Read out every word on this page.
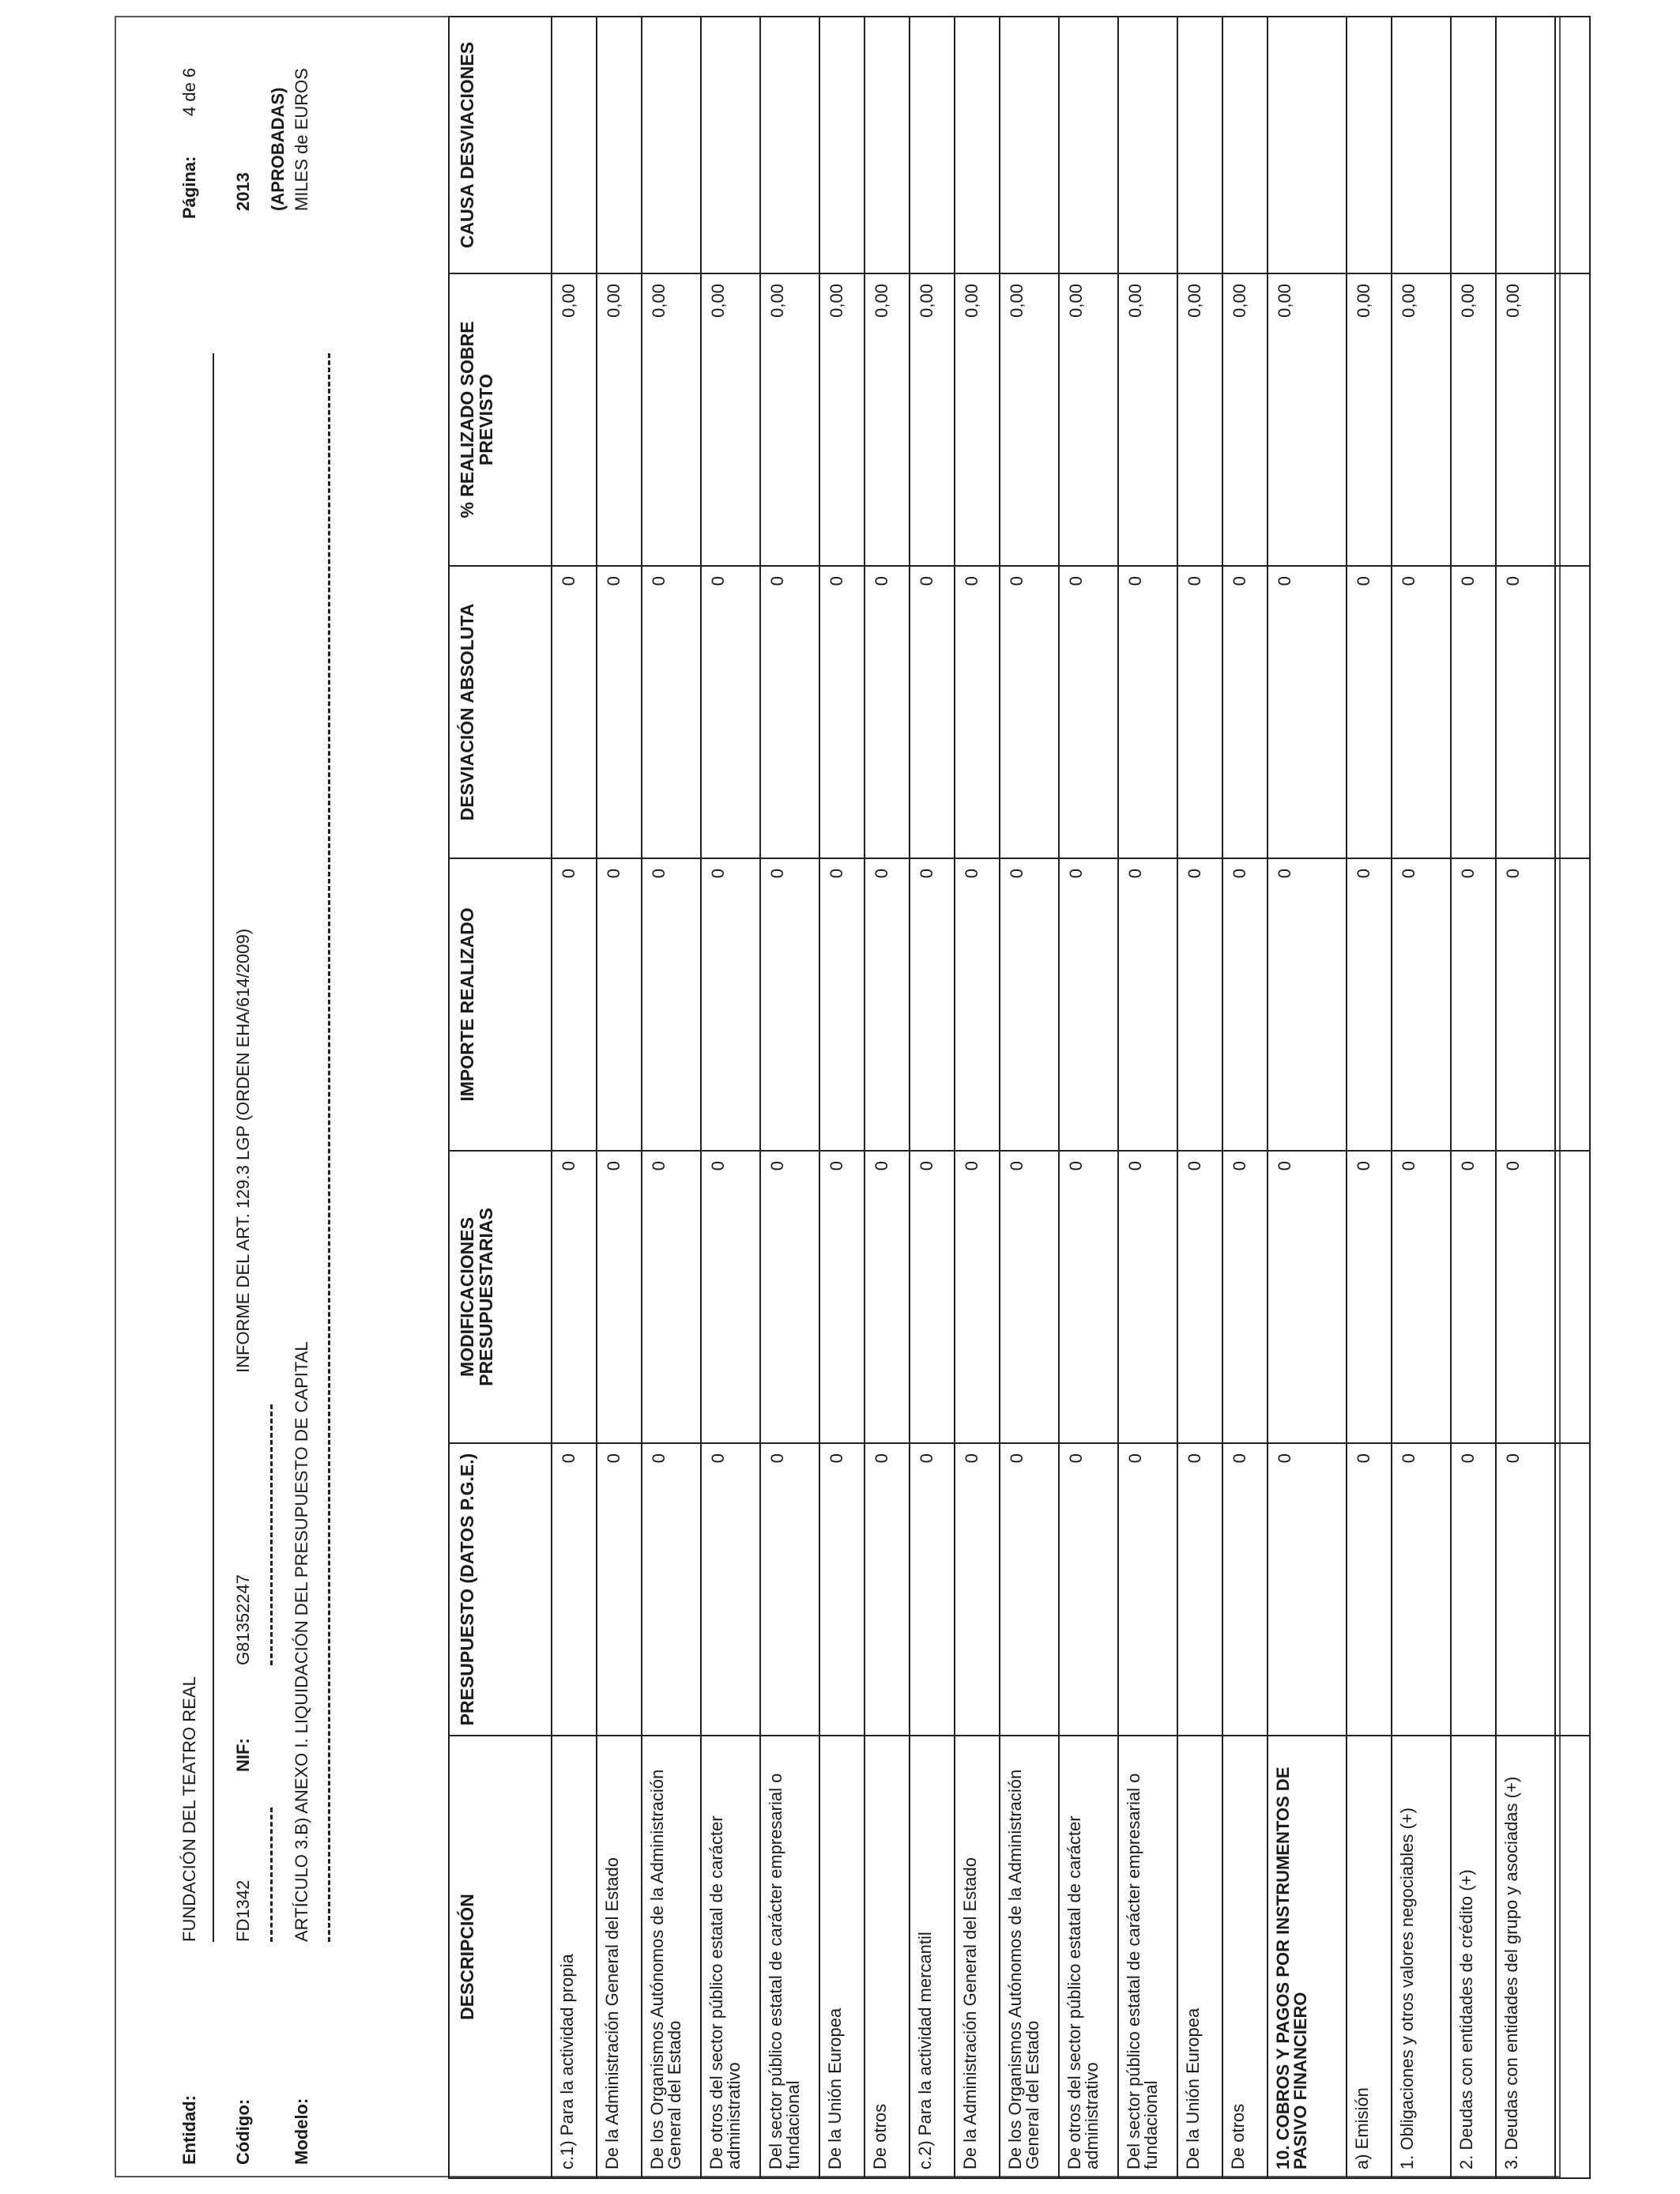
Entidad:
FUNDACIÓN DEL TEATRO REAL
Código:
FD1342
NIF:
G81352247
INFORME DEL ART. 129.3 LGP (ORDEN EHA/614/2009)
Modelo:
ARTÍCULO 3.B) ANEXO I. LIQUIDACIÓN DEL PRESUPUESTO DE CAPITAL
Página:
4 de 6
2013 (APROBADAS) MILES de EUROS
DESCRIPCIÓN	PRESUPUESTO (DATOS P.G.E.)	MODIFICACIONES PRESUPUESTARIAS	IMPORTE REALIZADO	DESVIACIÓN ABSOLUTA	% REALIZADO SOBRE PREVISTO	CAUSA DESVIACIONES
c.1) Para la actividad propia	0	0	0	0	0,00	
De la Administración General del Estado	0	0	0	0	0,00	
De los Organismos Autónomos de la Administración General del Estado	0	0	0	0	0,00	
De otros del sector público estatal de carácter administrativo	0	0	0	0	0,00	
Del sector público estatal de carácter empresarial o fundacional	0	0	0	0	0,00	
De la Unión Europea	0	0	0	0	0,00	
De otros	0	0	0	0	0,00	
c.2) Para la actividad mercantil	0	0	0	0	0,00	
De la Administración General del Estado	0	0	0	0	0,00	
De los Organismos Autónomos de la Administración General del Estado	0	0	0	0	0,00	
De otros del sector público estatal de carácter administrativo	0	0	0	0	0,00	
Del sector público estatal de carácter empresarial o fundacional	0	0	0	0	0,00	
De la Unión Europea	0	0	0	0	0,00	
De otros	0	0	0	0	0,00	
10. COBROS Y PAGOS POR INSTRUMENTOS DE PASIVO FINANCIERO	0	0	0	0	0,00	
a) Emisión	0	0	0	0	0,00	
1. Obligaciones y otros valores negociables (+)	0	0	0	0	0,00	
2. Deudas con entidades de crédito (+)	0	0	0	0	0,00	
3. Deudas con entidades del grupo y asociadas (+)	0	0	0	0	0,00	
